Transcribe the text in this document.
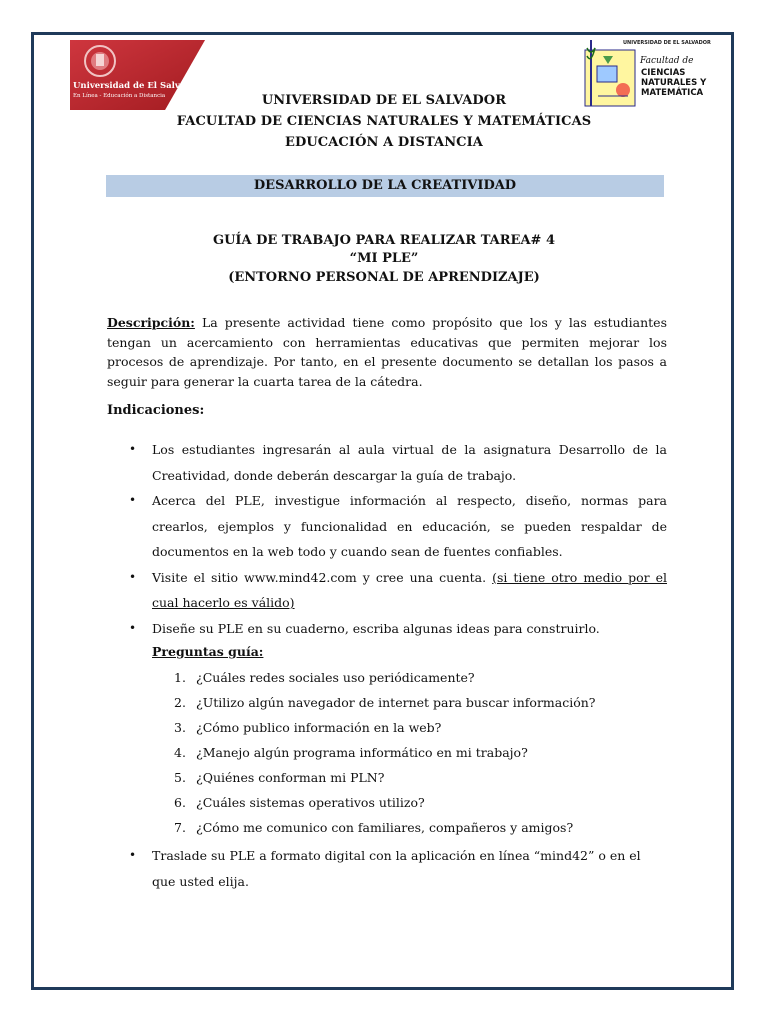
Universidad de El Salvador
En Línea - Educación a Distancia
UNIVERSIDAD DE EL SALVADOR
Facultad de
CIENCIAS
NATURALES Y
MATEMÁTICA
UNIVERSIDAD DE EL SALVADOR
FACULTAD DE CIENCIAS NATURALES Y MATEMÁTICAS
EDUCACIÓN A DISTANCIA
DESARROLLO DE LA CREATIVIDAD
GUÍA DE TRABAJO PARA REALIZAR TAREA# 4
“MI PLE”
(ENTORNO PERSONAL DE APRENDIZAJE)
Descripción: La presente actividad tiene como propósito que los y las estudiantes tengan un acercamiento con herramientas educativas que permiten mejorar los procesos de aprendizaje. Por tanto, en el presente documento se detallan los pasos a seguir para generar la cuarta tarea de la cátedra.
Indicaciones:
• Los estudiantes ingresarán al aula virtual de la asignatura Desarrollo de la Creatividad, donde deberán descargar la guía de trabajo.
• Acerca del PLE, investigue información al respecto, diseño, normas para crearlos, ejemplos y funcionalidad en educación, se pueden respaldar de documentos en la web todo y cuando sean de fuentes confiables.
• Visite el sitio www.mind42.com y cree una cuenta. (si tiene otro medio por el cual hacerlo es válido)
• Diseñe su PLE en su cuaderno, escriba algunas ideas para construirlo.
Preguntas guía:
1. ¿Cuáles redes sociales uso periódicamente?
2. ¿Utilizo algún navegador de internet para buscar información?
3. ¿Cómo publico información en la web?
4. ¿Manejo algún programa informático en mi trabajo?
5. ¿Quiénes conforman mi PLN?
6. ¿Cuáles sistemas operativos utilizo?
7. ¿Cómo me comunico con familiares, compañeros y amigos?
• Traslade su PLE a formato digital con la aplicación en línea “mind42” o en el que usted elija.
